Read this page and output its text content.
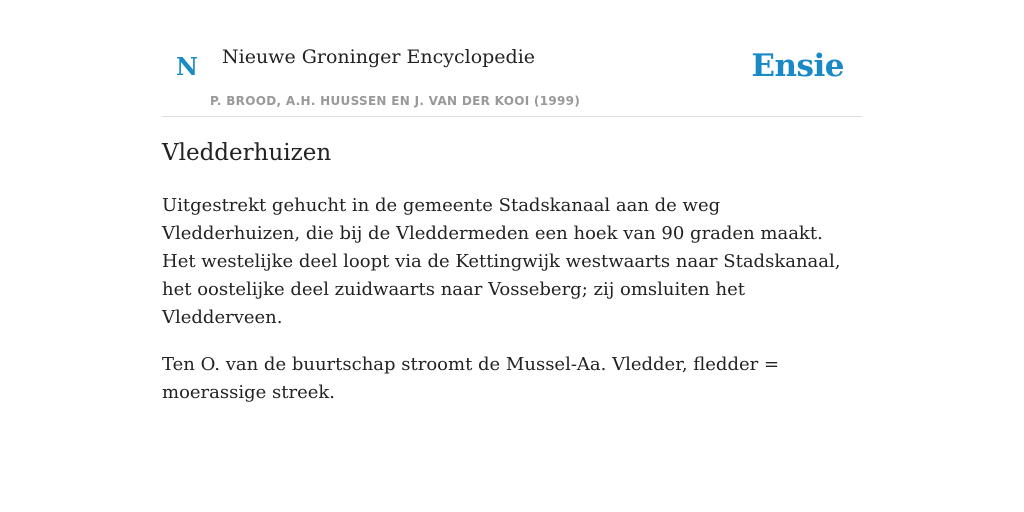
N Nieuwe Groninger Encyclopedie
P. BROOD, A.H. HUUSSEN EN J. VAN DER KOOI (1999)
Ensie
Vledderhuizen

Uitgestrekt gehucht in de gemeente Stadskanaal aan de weg Vledderhuizen, die bij de Vleddermeden een hoek van 90 graden maakt. Het westelijke deel loopt via de Kettingwijk westwaarts naar Stadskanaal, het oostelijke deel zuidwaarts naar Vosseberg; zij omsluiten het Vledderveen.

Ten O. van de buurtschap stroomt de Mussel-Aa. Vledder, fledder = moerassige streek.
